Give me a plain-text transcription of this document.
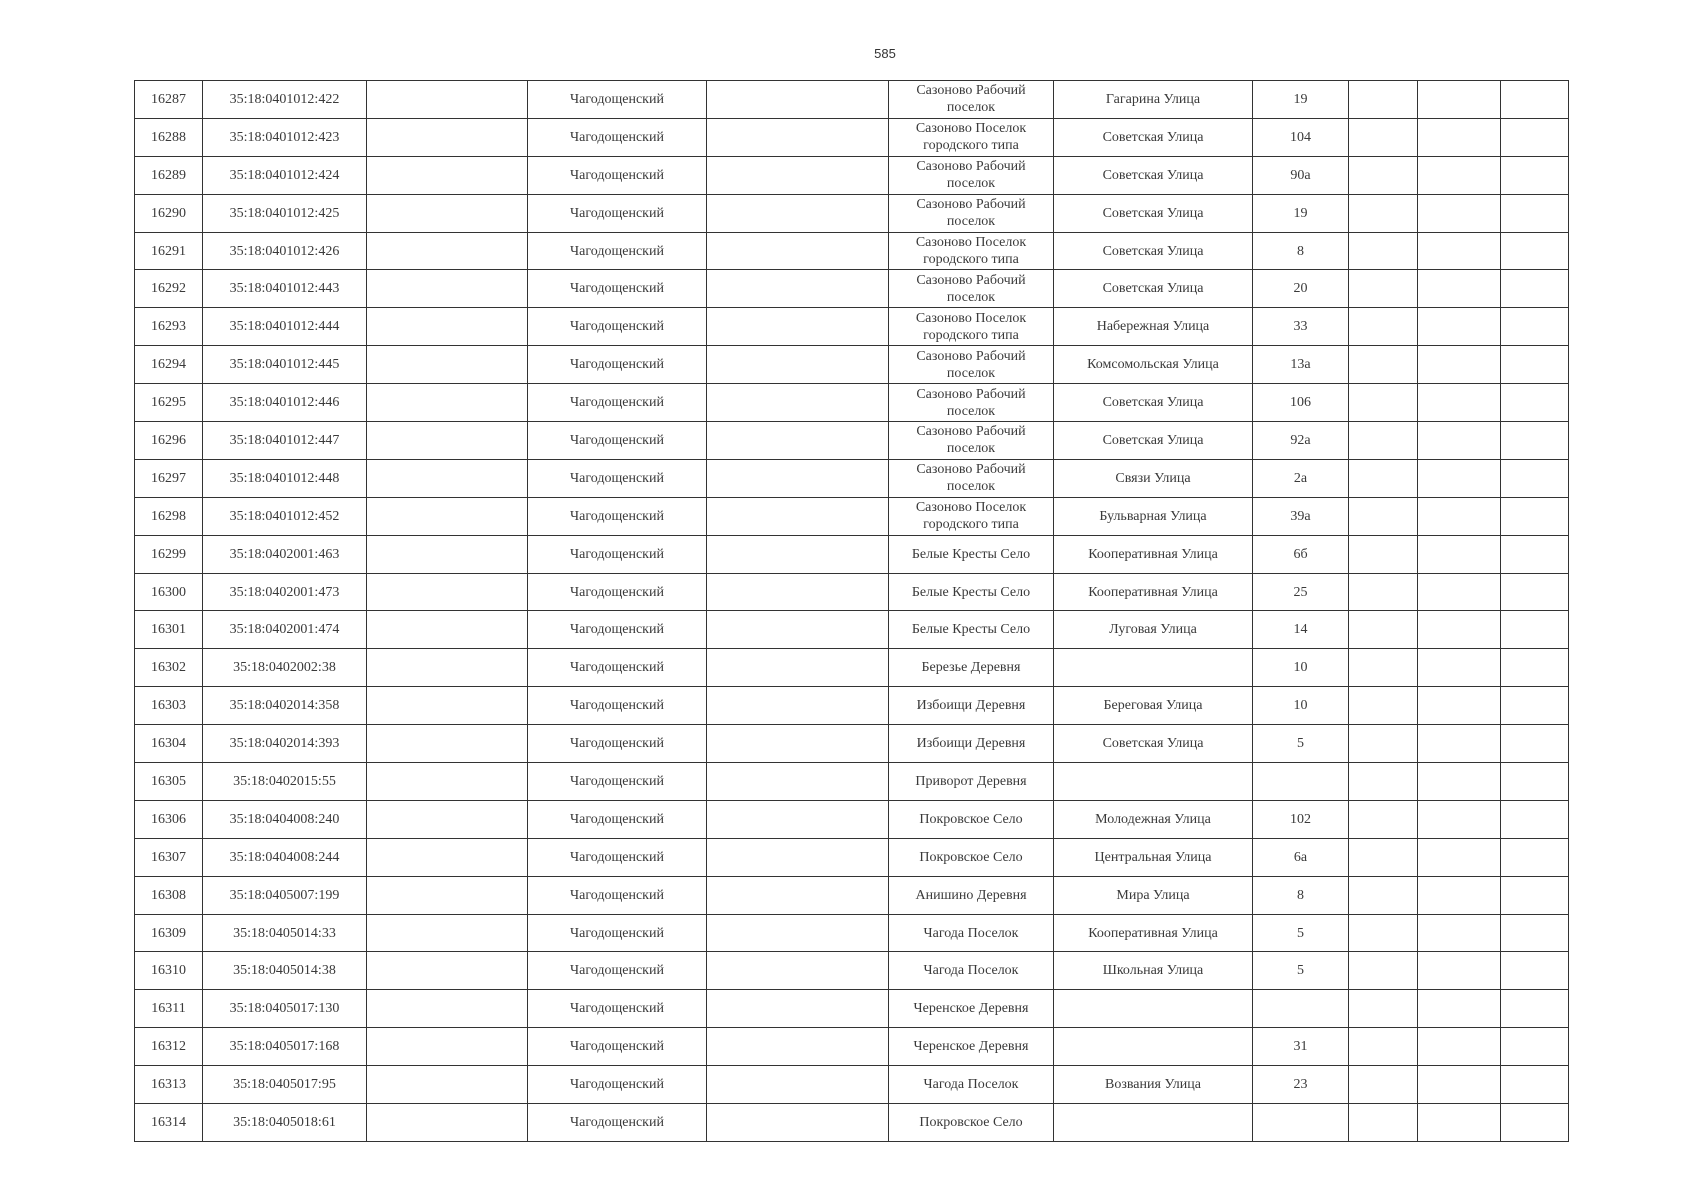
585
16287	35:18:0401012:422		Чагодощенский		Сазоново Рабочий поселок	Гагарина Улица	19			
16288	35:18:0401012:423		Чагодощенский		Сазоново Поселок городского типа	Советская Улица	104			
16289	35:18:0401012:424		Чагодощенский		Сазоново Рабочий поселок	Советская Улица	90а			
16290	35:18:0401012:425		Чагодощенский		Сазоново Рабочий поселок	Советская Улица	19			
16291	35:18:0401012:426		Чагодощенский		Сазоново Поселок городского типа	Советская Улица	8			
16292	35:18:0401012:443		Чагодощенский		Сазоново Рабочий поселок	Советская Улица	20			
16293	35:18:0401012:444		Чагодощенский		Сазоново Поселок городского типа	Набережная Улица	33			
16294	35:18:0401012:445		Чагодощенский		Сазоново Рабочий поселок	Комсомольская Улица	13а			
16295	35:18:0401012:446		Чагодощенский		Сазоново Рабочий поселок	Советская Улица	106			
16296	35:18:0401012:447		Чагодощенский		Сазоново Рабочий поселок	Советская Улица	92а			
16297	35:18:0401012:448		Чагодощенский		Сазоново Рабочий поселок	Связи Улица	2а			
16298	35:18:0401012:452		Чагодощенский		Сазоново Поселок городского типа	Бульварная Улица	39а			
16299	35:18:0402001:463		Чагодощенский		Белые Кресты Село	Кооперативная Улица	6б			
16300	35:18:0402001:473		Чагодощенский		Белые Кресты Село	Кооперативная Улица	25			
16301	35:18:0402001:474		Чагодощенский		Белые Кресты Село	Луговая Улица	14			
16302	35:18:0402002:38		Чагодощенский		Березье Деревня		10			
16303	35:18:0402014:358		Чагодощенский		Избоищи Деревня	Береговая Улица	10			
16304	35:18:0402014:393		Чагодощенский		Избоищи Деревня	Советская Улица	5			
16305	35:18:0402015:55		Чагодощенский		Приворот Деревня					
16306	35:18:0404008:240		Чагодощенский		Покровское Село	Молодежная Улица	102			
16307	35:18:0404008:244		Чагодощенский		Покровское Село	Центральная Улица	6а			
16308	35:18:0405007:199		Чагодощенский		Анишино Деревня	Мира Улица	8			
16309	35:18:0405014:33		Чагодощенский		Чагода Поселок	Кооперативная Улица	5			
16310	35:18:0405014:38		Чагодощенский		Чагода Поселок	Школьная Улица	5			
16311	35:18:0405017:130		Чагодощенский		Черенское Деревня					
16312	35:18:0405017:168		Чагодощенский		Черенское Деревня		31			
16313	35:18:0405017:95		Чагодощенский		Чагода Поселок	Возвания Улица	23			
16314	35:18:0405018:61		Чагодощенский		Покровское Село					
